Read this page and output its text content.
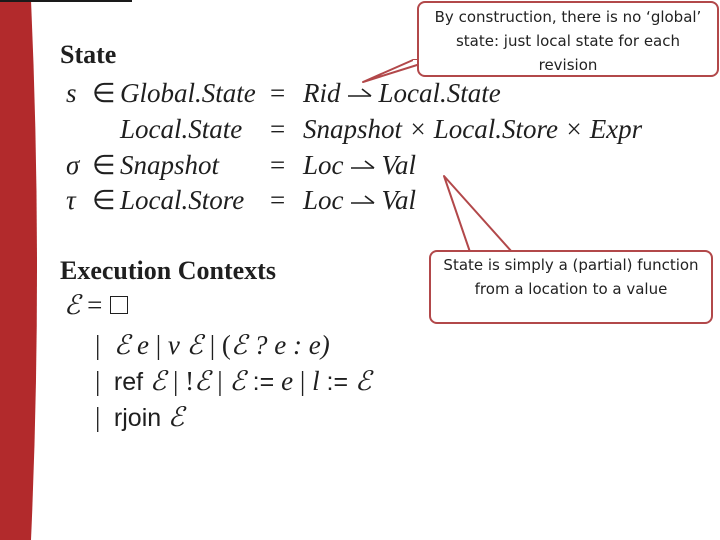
State
s ∈ Global.State = Rid Local.State
Local.State = Snapshot × Local.Store × Expr
σ ∈ Snapshot = Loc Val
τ ∈ Local.Store = Loc Val
Execution Contexts
ℰ =
| ℰ e | v ℰ | (ℰ ? e : e)
| ref ℰ | !ℰ | ℰ := e | l := ℰ
| rjoin ℰ
By construction, there is no ‘global’ state: just local state for each revision
State is simply a (partial) function from a location to a value
